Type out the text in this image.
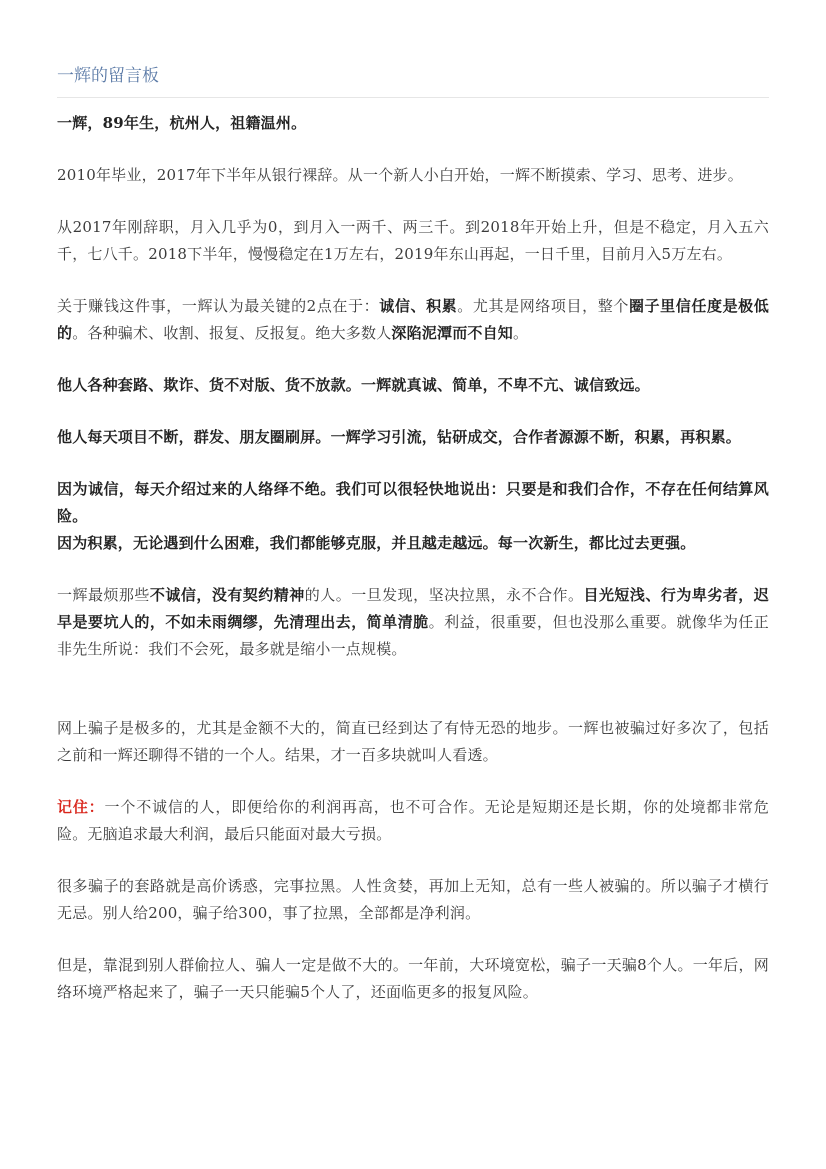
一辉的留言板

一辉，89年生，杭州人，祖籍温州。

2010年毕业，2017年下半年从银行裸辞。从一个新人小白开始，一辉不断摸索、学习、思考、进步。

从2017年刚辞职，月入几乎为0，到月入一两千、两三千。到2018年开始上升，但是不稳定，月入五六千，七八千。2018下半年，慢慢稳定在1万左右，2019年东山再起，一日千里，目前月入5万左右。

关于赚钱这件事，一辉认为最关键的2点在于：诚信、积累。尤其是网络项目，整个圈子里信任度是极低的。各种骗术、收割、报复、反报复。绝大多数人深陷泥潭而不自知。

他人各种套路、欺诈、货不对版、货不放款。一辉就真诚、简单，不卑不亢、诚信致远。

他人每天项目不断，群发、朋友圈刷屏。一辉学习引流，钻研成交，合作者源源不断，积累，再积累。

因为诚信，每天介绍过来的人络绎不绝。我们可以很轻快地说出：只要是和我们合作，不存在任何结算风险。

因为积累，无论遇到什么困难，我们都能够克服，并且越走越远。每一次新生，都比过去更强。

一辉最烦那些不诚信，没有契约精神的人。一旦发现，坚决拉黑，永不合作。目光短浅、行为卑劣者，迟早是要坑人的，不如未雨绸缪，先清理出去，简单清脆。利益，很重要，但也没那么重要。就像华为任正非先生所说：我们不会死，最多就是缩小一点规模。

网上骗子是极多的，尤其是金额不大的，简直已经到达了有恃无恐的地步。一辉也被骗过好多次了，包括之前和一辉还聊得不错的一个人。结果，才一百多块就叫人看透。

记住：一个不诚信的人，即便给你的利润再高，也不可合作。无论是短期还是长期，你的处境都非常危险。无脑追求最大利润，最后只能面对最大亏损。

很多骗子的套路就是高价诱惑，完事拉黑。人性贪婪，再加上无知，总有一些人被骗的。所以骗子才横行无忌。别人给200，骗子给300，事了拉黑，全部都是净利润。

但是，靠混到别人群偷拉人、骗人一定是做不大的。一年前，大环境宽松，骗子一天骗8个人。一年后，网络环境严格起来了，骗子一天只能骗5个人了，还面临更多的报复风险。
